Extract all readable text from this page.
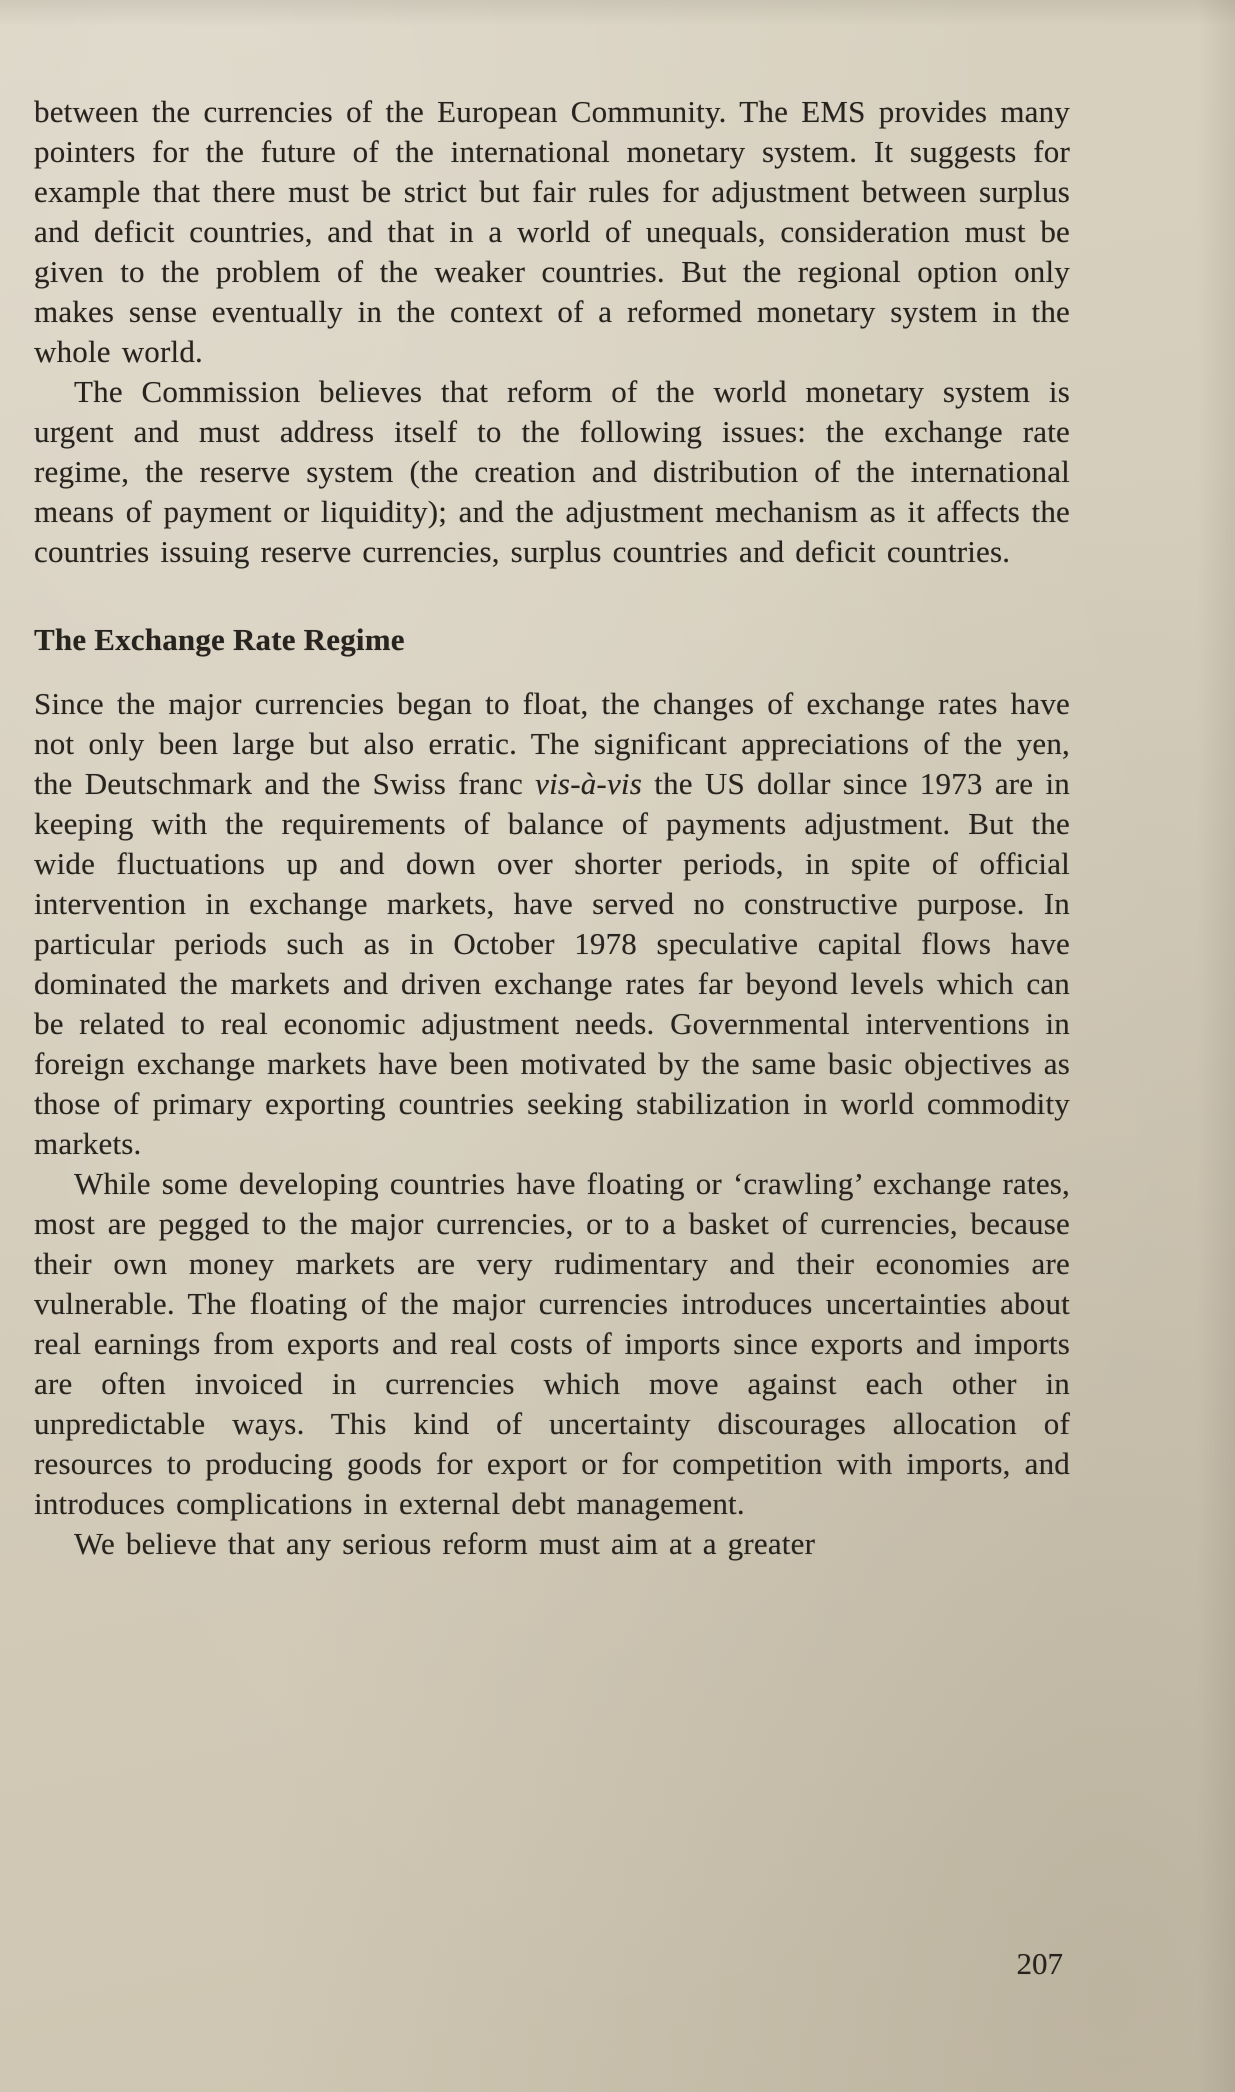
between the currencies of the European Community. The EMS provides many pointers for the future of the international monetary system. It suggests for example that there must be strict but fair rules for adjustment between surplus and deficit countries, and that in a world of unequals, consideration must be given to the problem of the weaker countries. But the regional option only makes sense eventually in the context of a reformed monetary system in the whole world.

The Commission believes that reform of the world monetary system is urgent and must address itself to the following issues: the exchange rate regime, the reserve system (the creation and distribution of the international means of payment or liquidity); and the adjustment mechanism as it affects the countries issuing reserve currencies, surplus countries and deficit countries.

The Exchange Rate Regime

Since the major currencies began to float, the changes of exchange rates have not only been large but also erratic. The significant appreciations of the yen, the Deutschmark and the Swiss franc vis-à-vis the US dollar since 1973 are in keeping with the requirements of balance of payments adjustment. But the wide fluctuations up and down over shorter periods, in spite of official intervention in exchange markets, have served no constructive purpose. In particular periods such as in October 1978 speculative capital flows have dominated the markets and driven exchange rates far beyond levels which can be related to real economic adjustment needs. Governmental interventions in foreign exchange markets have been motivated by the same basic objectives as those of primary exporting countries seeking stabilization in world commodity markets.

While some developing countries have floating or ‘crawling’ exchange rates, most are pegged to the major currencies, or to a basket of currencies, because their own money markets are very rudimentary and their economies are vulnerable. The floating of the major currencies introduces uncertainties about real earnings from exports and real costs of imports since exports and imports are often invoiced in currencies which move against each other in unpredictable ways. This kind of uncertainty discourages allocation of resources to producing goods for export or for competition with imports, and introduces complications in external debt management.

We believe that any serious reform must aim at a greater

207
